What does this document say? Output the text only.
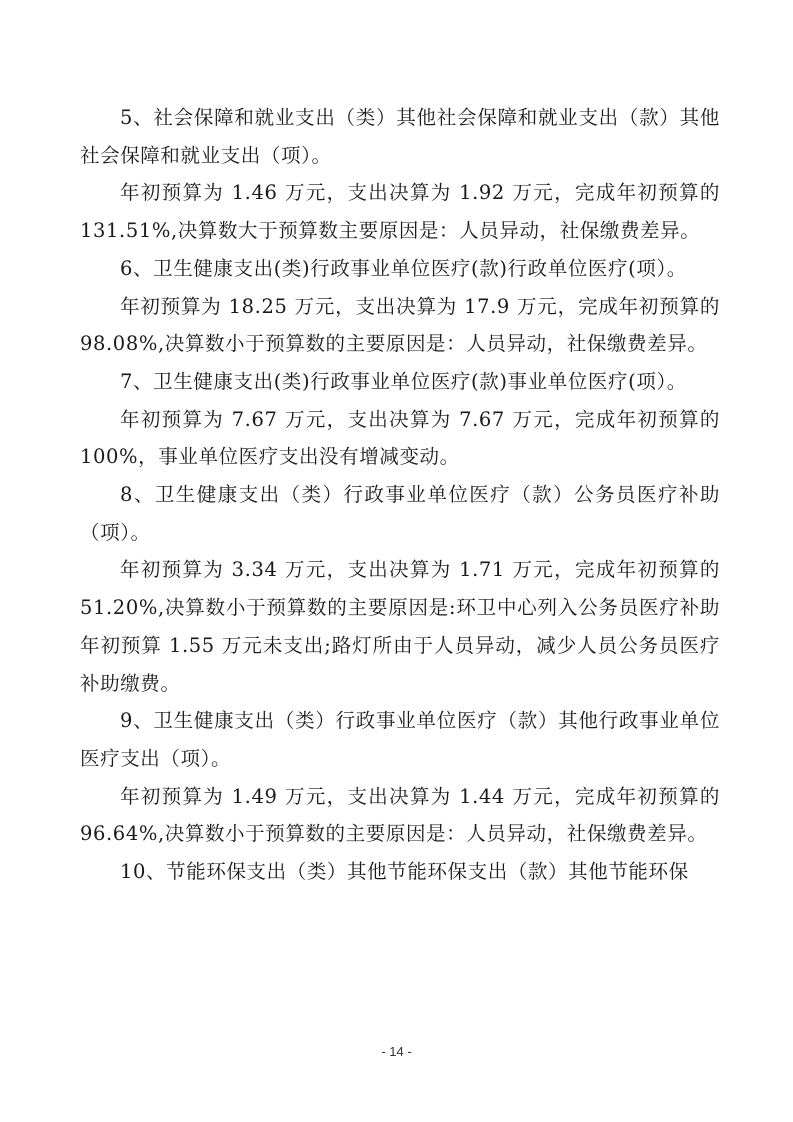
5、社会保障和就业支出（类）其他社会保障和就业支出（款）其他社会保障和就业支出（项）。

年初预算为 1.46 万元，支出决算为 1.92 万元，完成年初预算的 131.51%,决算数大于预算数主要原因是：人员异动，社保缴费差异。

6、卫生健康支出(类)行政事业单位医疗(款)行政单位医疗(项）。

年初预算为 18.25 万元，支出决算为 17.9 万元，完成年初预算的 98.08%,决算数小于预算数的主要原因是：人员异动，社保缴费差异。

7、卫生健康支出(类)行政事业单位医疗(款)事业单位医疗(项）。

年初预算为 7.67 万元，支出决算为 7.67 万元，完成年初预算的 100%，事业单位医疗支出没有增减变动。

8、卫生健康支出（类）行政事业单位医疗（款）公务员医疗补助（项）。

年初预算为 3.34 万元，支出决算为 1.71 万元，完成年初预算的 51.20%,决算数小于预算数的主要原因是:环卫中心列入公务员医疗补助年初预算 1.55 万元未支出;路灯所由于人员异动，减少人员公务员医疗补助缴费。

9、卫生健康支出（类）行政事业单位医疗（款）其他行政事业单位医疗支出（项）。

年初预算为 1.49 万元，支出决算为 1.44 万元，完成年初预算的 96.64%,决算数小于预算数的主要原因是：人员异动，社保缴费差异。

10、节能环保支出（类）其他节能环保支出（款）其他节能环保

- 14 -
